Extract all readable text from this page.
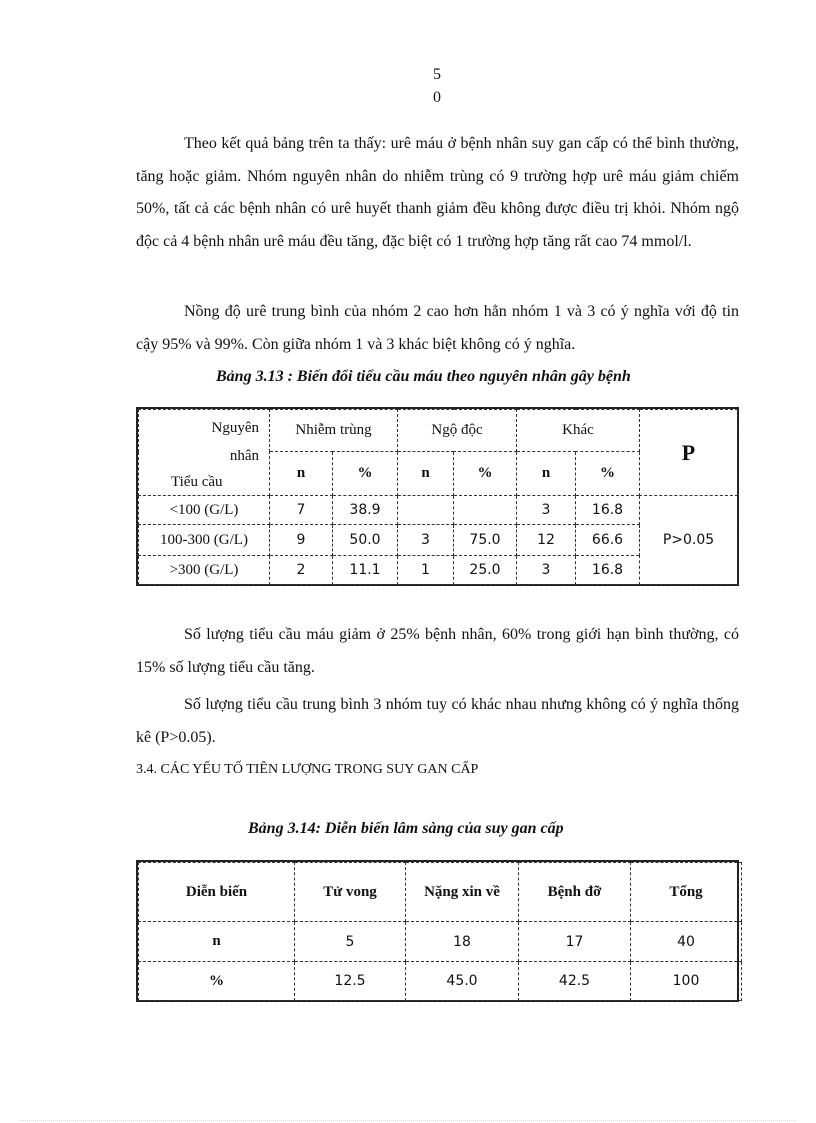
5
0

Theo kết quả bảng trên ta thấy: urê máu ở bệnh nhân suy gan cấp có thể bình thường, tăng hoặc giảm. Nhóm nguyên nhân do nhiễm trùng có 9 trường hợp urê máu giảm chiếm 50%, tất cả các bệnh nhân có urê huyết thanh giảm đều không được điều trị khỏi. Nhóm ngộ độc cả 4 bệnh nhân urê máu đều tăng, đặc biệt có 1 trường hợp tăng rất cao 74 mmol/l.

Nồng độ urê trung bình của nhóm 2 cao hơn hẳn nhóm 1 và 3 có ý nghĩa với độ tin cậy 95% và 99%. Còn giữa nhóm 1 và 3 khác biệt không có ý nghĩa.

Bảng 3.13 : Biến đổi tiểu cầu máu theo nguyên nhân gây bệnh
Nguyên
nhân
Tiểu cầu	Nhiễm trùng		Ngộ độc		Khác		P
	n	%	n	%	n	%	
<100 (G/L)	7	38.9			3	16.8	P>0.05
100-300 (G/L)	9	50.0	3	75.0	12	66.6	
>300 (G/L)	2	11.1	1	25.0	3	16.8	

Số lượng tiểu cầu máu giảm ở 25% bệnh nhân, 60% trong giới hạn bình thường, có 15% số lượng tiểu cầu tăng.

Số lượng tiểu cầu trung bình 3 nhóm tuy có khác nhau nhưng không có ý nghĩa thống kê (P>0.05).

3.4. CÁC YẾU TỐ TIÊN LƯỢNG TRONG SUY GAN CẤP
Bảng 3.14: Diễn biến lâm sàng của suy gan cấp
Diễn biến	Tử vong	Nặng xin về	Bệnh đỡ	Tổng
n	5	18	17	40
%	12.5	45.0	42.5	100
